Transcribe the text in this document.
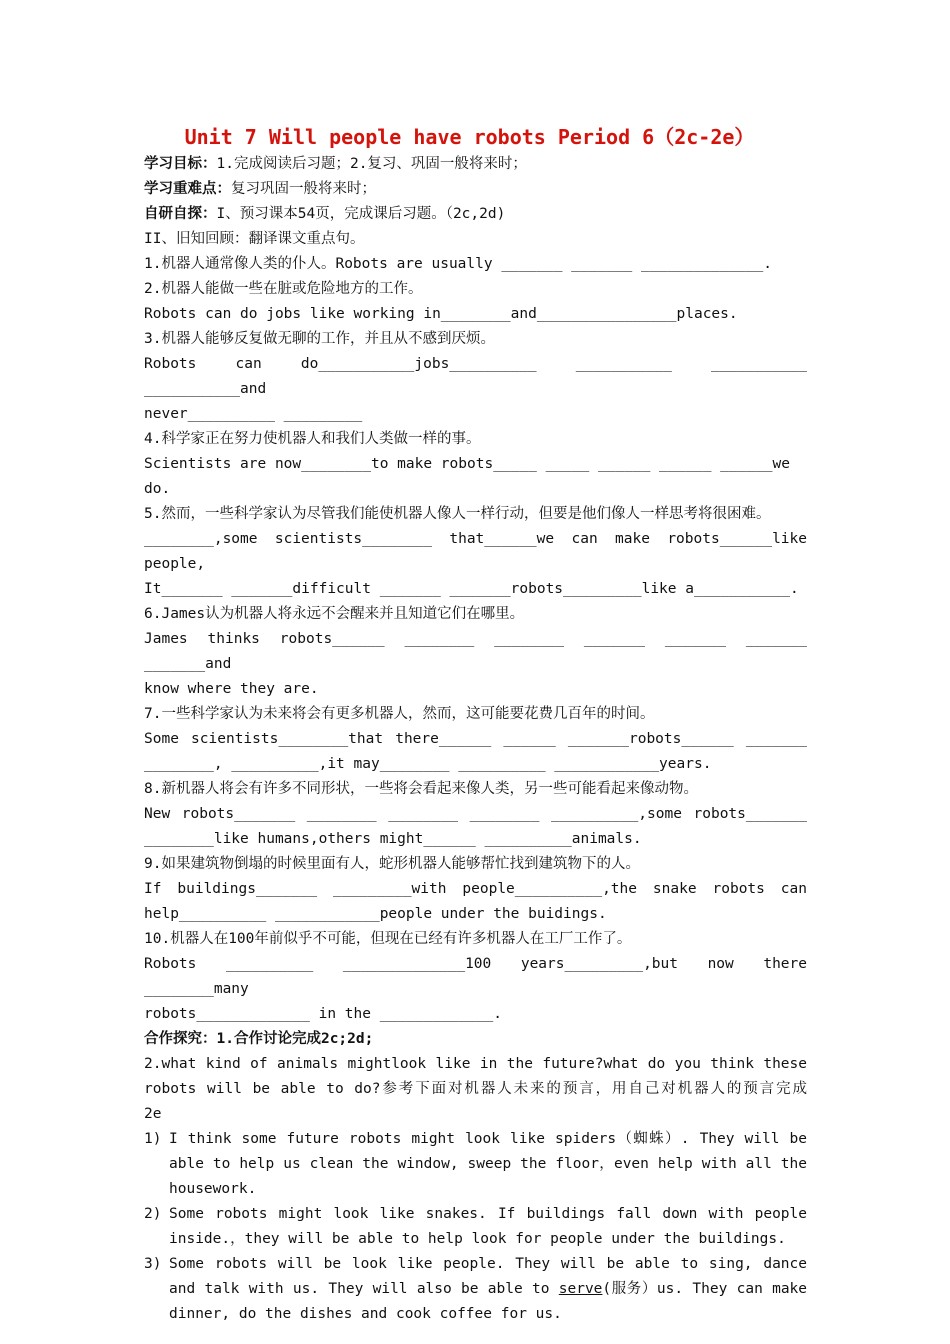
Unit 7 Will people have robots Period 6（2c-2e）
学习目标：1.完成阅读后习题；2.复习、巩固一般将来时；
学习重难点：复习巩固一般将来时；
自研自探：I、预习课本54页，完成课后习题。（2c,2d)
II、旧知回顾：翻译课文重点句。
1.机器人通常像人类的仆人。Robots are usually _______ _______ ______________.
2.机器人能做一些在脏或危险地方的工作。
Robots can do jobs like working in________and________________places.
3.机器人能够反复做无聊的工作，并且从不感到厌烦。
Robots can do___________jobs__________ ___________ ___________ ___________and
never__________ _________
4.科学家正在努力使机器人和我们人类做一样的事。
Scientists are now________to make robots_____ _____ ______ ______ ______we do.
5.然而，一些科学家认为尽管我们能使机器人像人一样行动，但要是他们像人一样思考将很困难。
________,some scientists________ that______we can make robots______like people,
It_______ _______difficult _______ _______robots_________like a___________.
6.James认为机器人将永远不会醒来并且知道它们在哪里。
James thinks robots______ ________ ________ _______ _______ _______ _______and
know where they are.
7.一些科学家认为未来将会有更多机器人，然而，这可能要花费几百年的时间。
Some scientists________that there______ ______ _______robots______ _______
________, __________,it may________ __________ ____________years.
8.新机器人将会有许多不同形状，一些将会看起来像人类，另一些可能看起来像动物。
New robots_______ ________ ________ ________ __________,some robots_______
________like humans,others might______ __________animals.
9.如果建筑物倒塌的时候里面有人，蛇形机器人能够帮忙找到建筑物下的人。
If buildings_______ _________with people__________,the snake robots can
help__________ ____________people under the buidings.
10.机器人在100年前似乎不可能，但现在已经有许多机器人在工厂工作了。
Robots __________ ______________100 years_________,but now there ________many
robots_____________ in the _____________.
合作探究：1.合作讨论完成2c;2d;
2.what kind of animals mightlook like in the future?what do you think these
robots will be able to do?参考下面对机器人未来的预言，用自己对机器人的预言完成
2e
1) I think some future robots might look like spiders（蜘蛛）. They will be able to help us clean the window, sweep the floor，even help with all the housework.
2) Some robots might look like snakes. If buildings fall down with people inside.，they will be able to help look for people under the buildings.
3) Some robots will be look like people. They will be able to sing, dance and talk with us. They will also be able to serve(服务）us. They can make dinner, do the dishes and cook coffee for us.
